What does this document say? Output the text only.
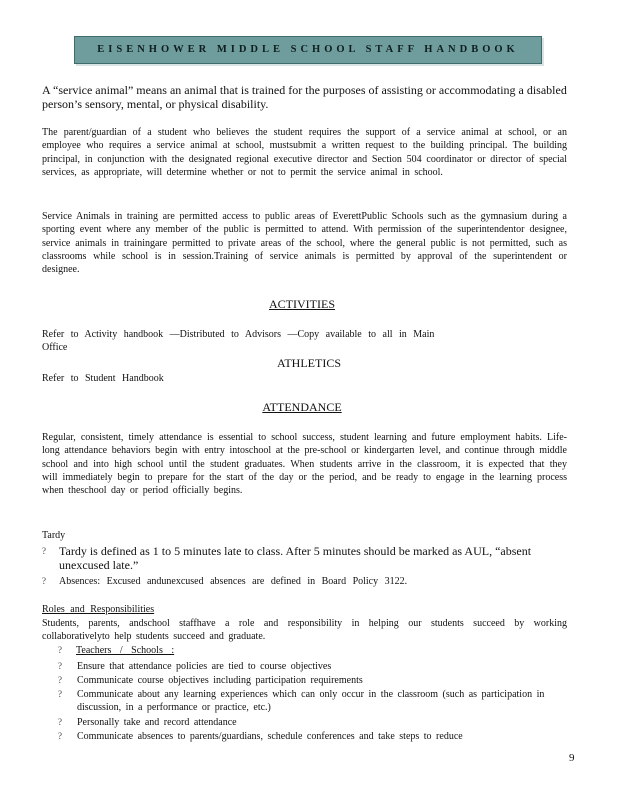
EISENHOWER MIDDLE SCHOOL STAFF HANDBOOK
A “service animal” means an animal that is trained for the purposes of assisting or accommodating a disabled person’s sensory, mental, or physical disability.
The parent/guardian of a student who believes the student requires the support of a service animal at school, or an employee who requires a service animal at school, mustsubmit a written request to the building principal. The building principal, in conjunction with the designated regional executive director and Section 504 coordinator or director of special services, as appropriate, will determine whether or not to permit the service animal in school.
Service Animals in training are permitted access to public areas of EverettPublic Schools such as the gymnasium during a sporting event where any member of the public is permitted to attend. With permission of the superintendentor designee, service animals in trainingare permitted to private areas of the school, where the general public is not permitted, such as classrooms while school is in session.Training of service animals is permitted by approval of the superintendent or designee.
ACTIVITIES
Refer to Activity handbook —Distributed to Advisors —Copy available to all in Main
Office
ATHLETICS
Refer to Student Handbook
ATTENDANCE
Regular, consistent, timely attendance is essential to school success, student learning and future employment habits. Life-long attendance behaviors begin with entry intoschool at the pre-school or kindergarten level, and continue through middle school and into high school until the student graduates. When students arrive in the classroom, it is expected that they will immediately begin to prepare for the start of the day or the period, and be ready to engage in the learning process when theschool day or period officially begins.
Tardy
?	Tardy is defined as 1 to 5 minutes late to class. After 5 minutes should be marked as AUL, “absent unexcused late.”
?	Absences: Excused andunexcused absences are defined in Board Policy 3122.
Roles and Responsibilities
Students, parents, andschool staffhave a role and responsibility in helping our students succeed by working collaborativelyto help students succeed and graduate.
? Teachers / Schools :
?	Ensure that attendance policies are tied to course objectives
?	Communicate course objectives including participation requirements
?	Communicate about any learning experiences which can only occur in the classroom (such as participation in discussion, in a performance or practice, etc.)
?	Personally take and record attendance
?	Communicate absences to parents/guardians, schedule conferences and take steps to reduce
9
